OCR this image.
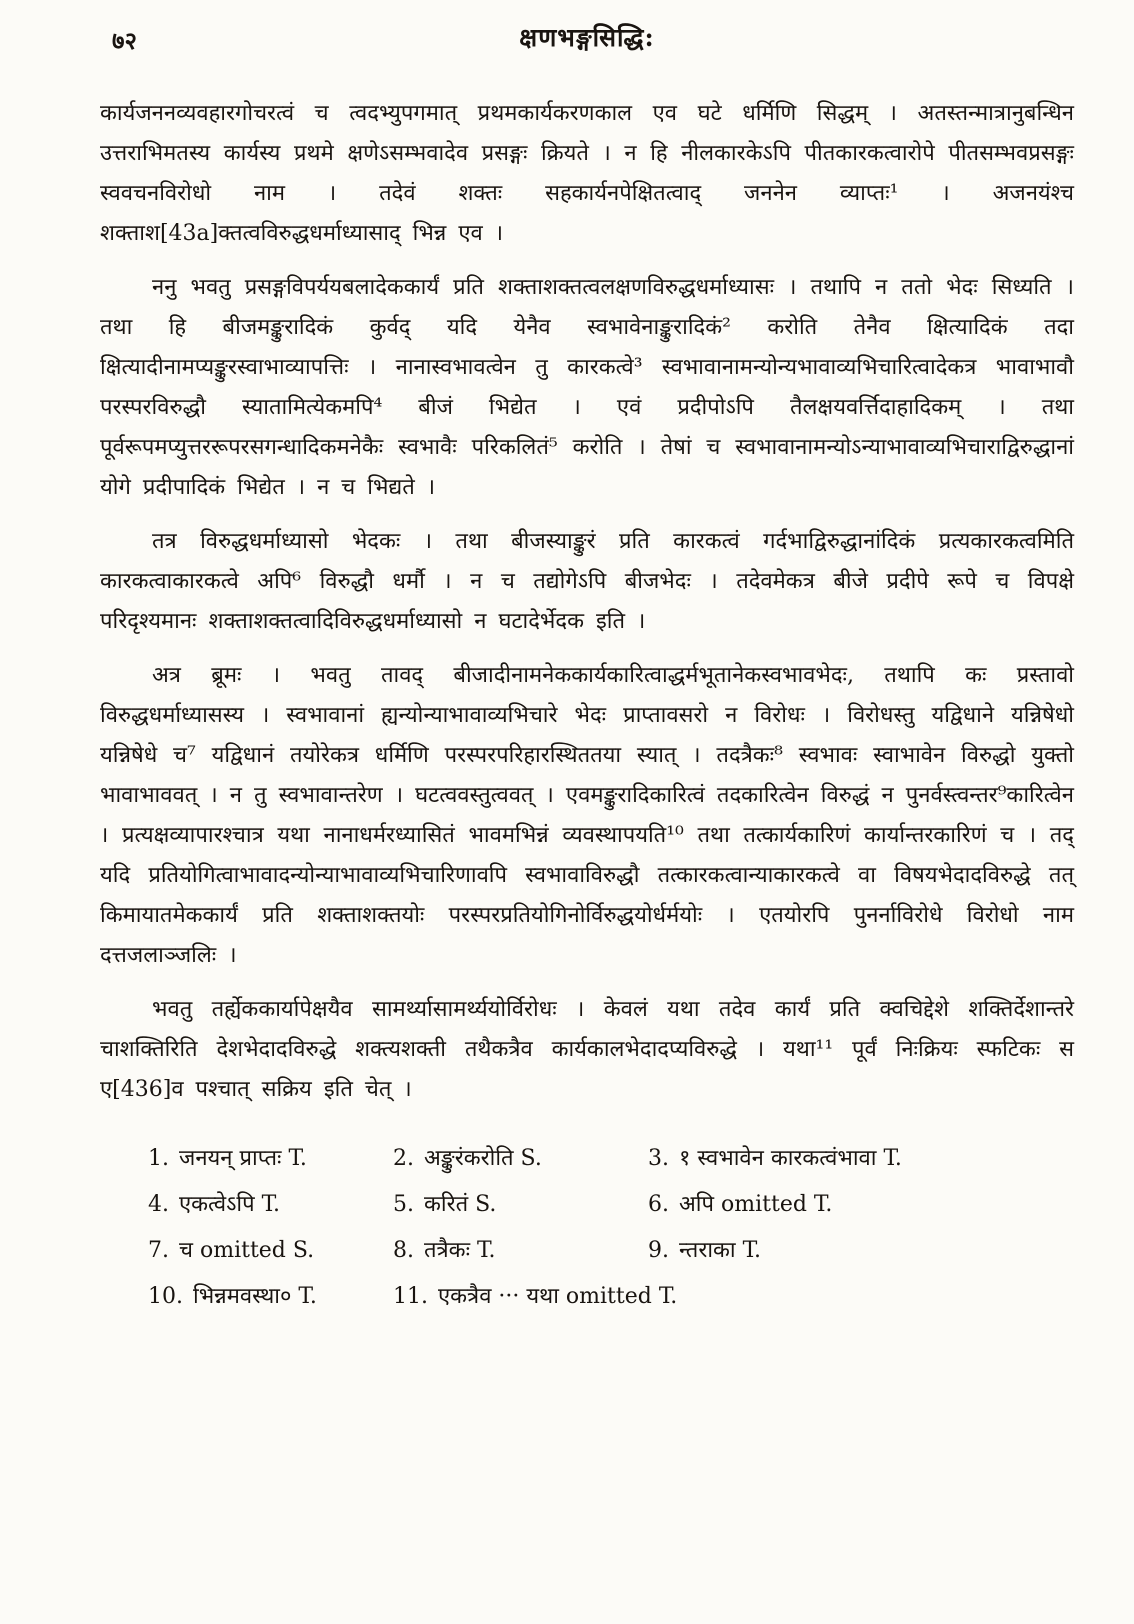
७२	क्षणभङ्गसिद्धि:

कार्यजननव्यवहारगोचरत्वं च त्वदभ्युपगमात् प्रथमकार्यकरणकाल एव घटे धर्मिणि सिद्धम् । अतस्तन्मात्रानुबन्धिन उत्तराभिमतस्य कार्यस्य प्रथमे क्षणेऽसम्भवादेव प्रसङ्गः क्रियते । न हि नीलकारकेऽपि पीतकारकत्वारोपे पीतसम्भवप्रसङ्गः स्ववचनविरोधो नाम । तदेवं शक्तः सहकार्यनपेक्षितत्वाद् जननेन व्याप्तः¹ । अजनयंश्च शक्ताश[43a]क्तत्वविरुद्धधर्माध्यासाद् भिन्न एव ।

ननु भवतु प्रसङ्गविपर्ययबलादेककार्यं प्रति शक्ताशक्तत्वलक्षणविरुद्धधर्माध्यासः । तथापि न ततो भेदः सिध्यति । तथा हि बीजमङ्कुरादिकं कुर्वद् यदि येनैव स्वभावेनाङ्कुरादिकं² करोति तेनैव क्षित्यादिकं तदा क्षित्यादीनामप्यङ्कुरस्वाभाव्यापत्तिः । नानास्वभावत्वेन तु कारकत्वे³ स्वभावानामन्योन्यभावाव्यभिचारित्वादेकत्र भावाभावौ परस्परविरुद्धौ स्यातामित्येकमपि⁴ बीजं भिद्येत । एवं प्रदीपोऽपि तैलक्षयवर्त्तिदाहादिकम् । तथा पूर्वरूपमप्युत्तररूपरसगन्धादिकमनेकैः स्वभावैः परिकलितं⁵ करोति । तेषां च स्वभावानामन्योऽन्याभावाव्यभिचाराद्विरुद्धानां योगे प्रदीपादिकं भिद्येत । न च भिद्यते ।

तत्र विरुद्धधर्माध्यासो भेदकः । तथा बीजस्याङ्कुरं प्रति कारकत्वं गर्दभाद्विरुद्धानांदिकं प्रत्यकारकत्वमिति कारकत्वाकारकत्वे अपि⁶ विरुद्धौ धर्मौ । न च तद्योगेऽपि बीजभेदः । तदेवमेकत्र बीजे प्रदीपे रूपे च विपक्षे परिदृश्यमानः शक्ताशक्तत्वादिविरुद्धधर्माध्यासो न घटादेर्भेदक इति ।

अत्र ब्रूमः । भवतु तावद् बीजादीनामनेककार्यकारित्वाद्धर्मभूतानेकस्वभावभेदः, तथापि कः प्रस्तावो विरुद्धधर्माध्यासस्य । स्वभावानां ह्यन्योन्याभावाव्यभिचारे भेदः प्राप्तावसरो न विरोधः । विरोधस्तु यद्विधाने यन्निषेधो यन्निषेधे च⁷ यद्विधानं तयोरेकत्र धर्मिणि परस्परपरिहारस्थिततया स्यात् । तदत्रैकः⁸ स्वभावः स्वाभावेन विरुद्धो युक्तो भावाभाववत् । न तु स्वभावान्तरेण । घटत्ववस्तुत्ववत् । एवमङ्कुरादिकारित्वं तदकारित्वेन विरुद्धं न पुनर्वस्त्वन्तर⁹कारित्वेन । प्रत्यक्षव्यापारश्चात्र यथा नानाधर्मरध्यासितं भावमभिन्नं व्यवस्थापयति¹⁰ तथा तत्कार्यकारिणं कार्यान्तरकारिणं च । तद् यदि प्रतियोगित्वाभावादन्योन्याभावाव्यभिचारिणावपि स्वभावाविरुद्धौ तत्कारकत्वान्याकारकत्वे वा विषयभेदादविरुद्धे तत् किमायातमेककार्यं प्रति शक्ताशक्तयोः परस्परप्रतियोगिनोर्विरुद्धयोर्धर्मयोः । एतयोरपि पुनर्नाविरोधे विरोधो नाम दत्तजलाञ्जलिः ।

भवतु तर्ह्येककार्यापेक्षयैव सामर्थ्यासामर्थ्ययोर्विरोधः । केवलं यथा तदेव कार्यं प्रति क्वचिद्देशे शक्तिर्देशान्तरे चाशक्तिरिति देशभेदादविरुद्धे शक्त्यशक्ती तथैकत्रैव कार्यकालभेदादप्यविरुद्धे । यथा¹¹ पूर्वं निःक्रियः स्फटिकः स ए[436]व पश्चात् सक्रिय इति चेत् ।

1. जनयन् प्राप्तः T.	2. अङ्कुरंकरोति S.	3. १ स्वभावेन कारकत्वंभावा T.
4. एकत्वेऽपि T.	5. करितं S.	6. अपि omitted T.
7. च omitted S.	8. तत्रैकः T.	9. न्तराका T.
10. भिन्नमवस्था० T.	11. एकत्रैव ··· यथा omitted T.
